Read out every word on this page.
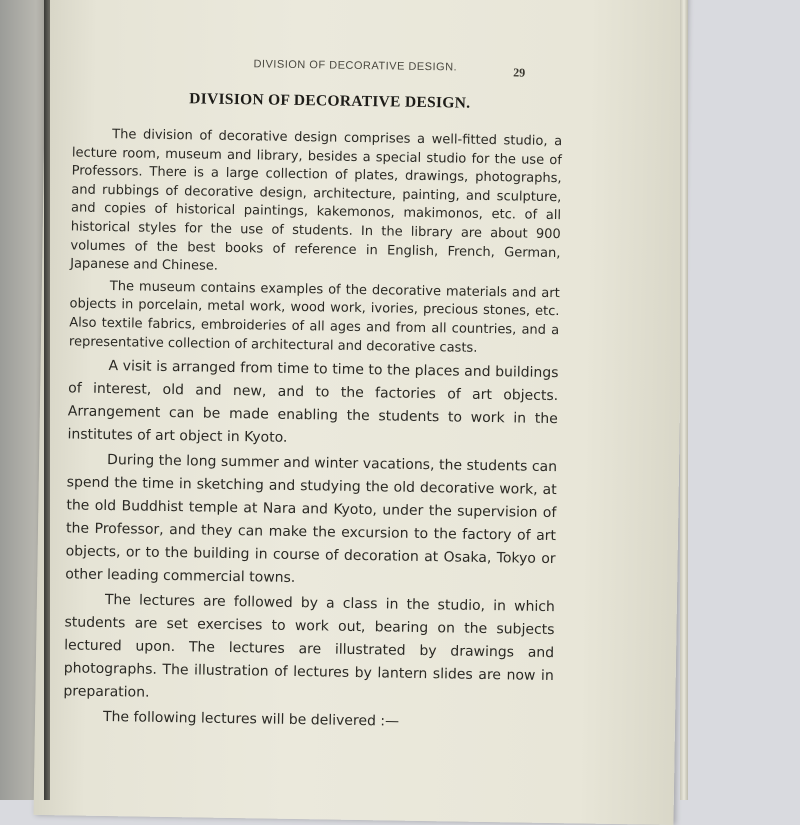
DIVISION OF DECORATIVE DESIGN.	29
DIVISION OF DECORATIVE DESIGN.

The division of decorative design comprises a well-fitted studio, a lecture room, museum and library, besides a special studio for the use of Professors. There is a large collection of plates, drawings, photographs, and rubbings of decorative design, architecture, painting, and sculpture, and copies of historical paintings, kakemonos, makimonos, etc. of all historical styles for the use of students. In the library are about 900 volumes of the best books of reference in English, French, German, Japanese and Chinese.

The museum contains examples of the decorative materials and art objects in porcelain, metal work, wood work, ivories, precious stones, etc. Also textile fabrics, embroideries of all ages and from all countries, and a representative collection of architectural and decorative casts.

A visit is arranged from time to time to the places and buildings of interest, old and new, and to the factories of art objects. Arrangement can be made enabling the students to work in the institutes of art object in Kyoto.

During the long summer and winter vacations, the students can spend the time in sketching and studying the old decorative work, at the old Buddhist temple at Nara and Kyoto, under the supervision of the Professor, and they can make the excursion to the factory of art objects, or to the building in course of decoration at Osaka, Tokyo or other leading commercial towns.

The lectures are followed by a class in the studio, in which students are set exercises to work out, bearing on the subjects lectured upon. The lectures are illustrated by drawings and photographs. The illustration of lectures by lantern slides are now in preparation.

The following lectures will be delivered :—
